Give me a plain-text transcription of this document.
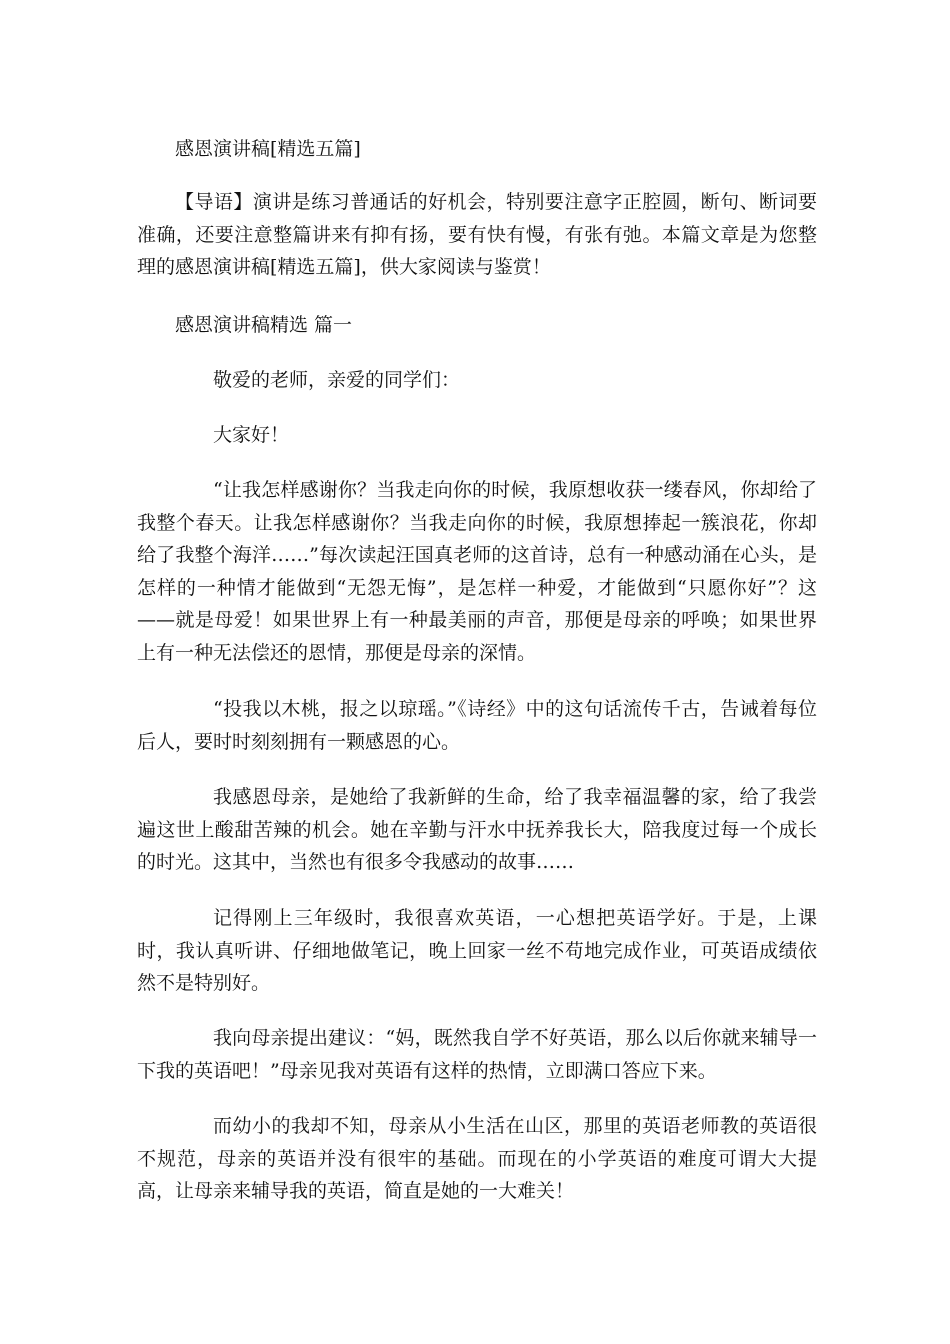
感恩演讲稿[精选五篇]
【导语】演讲是练习普通话的好机会，特别要注意字正腔圆，断句、断词要准确，还要注意整篇讲来有抑有扬，要有快有慢，有张有弛。本篇文章是为您整理的感恩演讲稿[精选五篇]，供大家阅读与鉴赏！
感恩演讲稿精选 篇一
敬爱的老师，亲爱的同学们：
大家好！
“让我怎样感谢你？当我走向你的时候，我原想收获一缕春风，你却给了我整个春天。让我怎样感谢你？当我走向你的时候，我原想捧起一簇浪花，你却给了我整个海洋……”每次读起汪国真老师的这首诗，总有一种感动涌在心头，是怎样的一种情才能做到“无怨无悔”，是怎样一种爱，才能做到“只愿你好”？这——就是母爱！如果世界上有一种最美丽的声音，那便是母亲的呼唤；如果世界上有一种无法偿还的恩情，那便是母亲的深情。
“投我以木桃，报之以琼瑶。”《诗经》中的这句话流传千古，告诫着每位后人，要时时刻刻拥有一颗感恩的心。
我感恩母亲，是她给了我新鲜的生命，给了我幸福温馨的家，给了我尝遍这世上酸甜苦辣的机会。她在辛勤与汗水中抚养我长大，陪我度过每一个成长的时光。这其中，当然也有很多令我感动的故事……
记得刚上三年级时，我很喜欢英语，一心想把英语学好。于是，上课时，我认真听讲、仔细地做笔记，晚上回家一丝不苟地完成作业，可英语成绩依然不是特别好。
我向母亲提出建议：“妈，既然我自学不好英语，那么以后你就来辅导一下我的英语吧！”母亲见我对英语有这样的热情，立即满口答应下来。
而幼小的我却不知，母亲从小生活在山区，那里的英语老师教的英语很不规范，母亲的英语并没有很牢的基础。而现在的小学英语的难度可谓大大提高，让母亲来辅导我的英语，简直是她的一大难关！
